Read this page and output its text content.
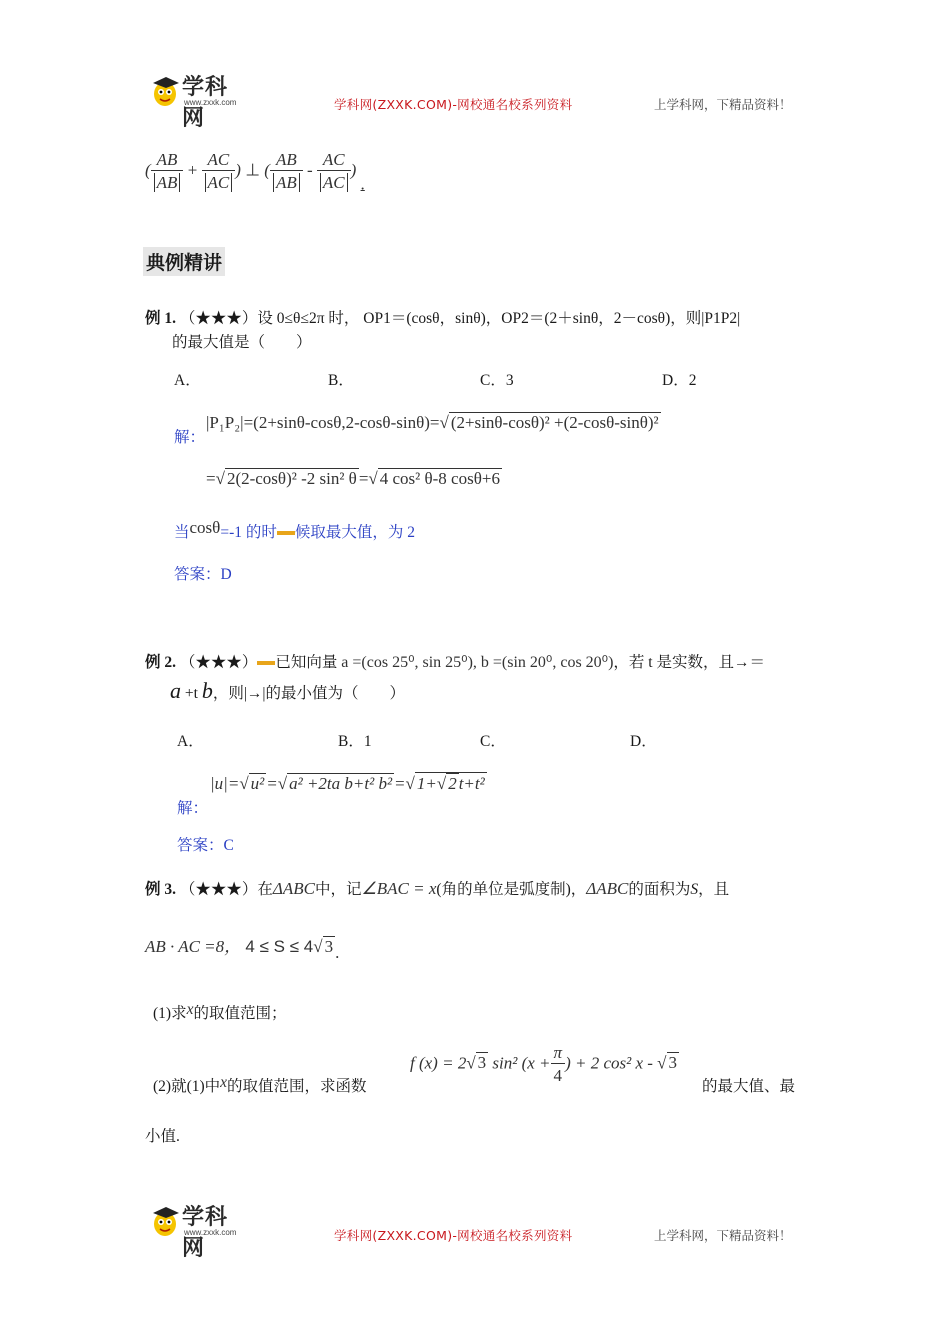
学科网
www.zxxk.com	学科网(ZXXK.COM)-网校通名校系列资料	上学科网，下精品资料！
( $\frac{AB}{AB} + \frac{AC}{AC}$ ) ⊥ ( $\frac{AB}{AB} - \frac{AC}{AC}$ ) .
典例精讲
例 1. （★★★）设 0≤θ≤2π 时， OP1＝(cosθ，sinθ)，OP2＝(2＋sinθ，2－cosθ)，则|P1P2|
的最大值是（　　）
A．	B．	C．3	D．2
解：
|P₁P₂|=(2+sinθ-cosθ,2-cosθ-sinθ)=√ (2+sinθ-cosθ)² +(2-cosθ-sinθ)²
=√ 2(2-cosθ)² -2 sin² θ =√ 4 cos² θ-8 cosθ+6
当cosθ=-1 的时 候取最大值，为 2
答案：D
例 2. （★★★） 已知向量 a =(cos 25⁰, sin 25⁰), b =(sin 20⁰, cos 20⁰)，若 t 是实数，且→＝
a +t b，则|→|的最小值为（　　）
A．	B．1	C．	D．
解：
|u|=√ u² =√ a² +2ta b+t² b² =√ 1+√ 2 t+t²
答案：C
例 3. （★★★）在ΔABC中，记∠BAC = x(角的单位是弧度制)，ΔABC的面积为S，且
AB · AC =8， 4 ≤ S ≤ 4√ 3 .
(1)求x的取值范围；
(2)就(1)中x的取值范围，求函数
f (x) = 2√ 3 sin² ($x + \frac{\pi}{4}$ ) + 2 cos² x - √ 3
的最大值、最
小值.
学科网
www.zxxk.com	学科网(ZXXK.COM)-网校通名校系列资料	上学科网，下精品资料！
